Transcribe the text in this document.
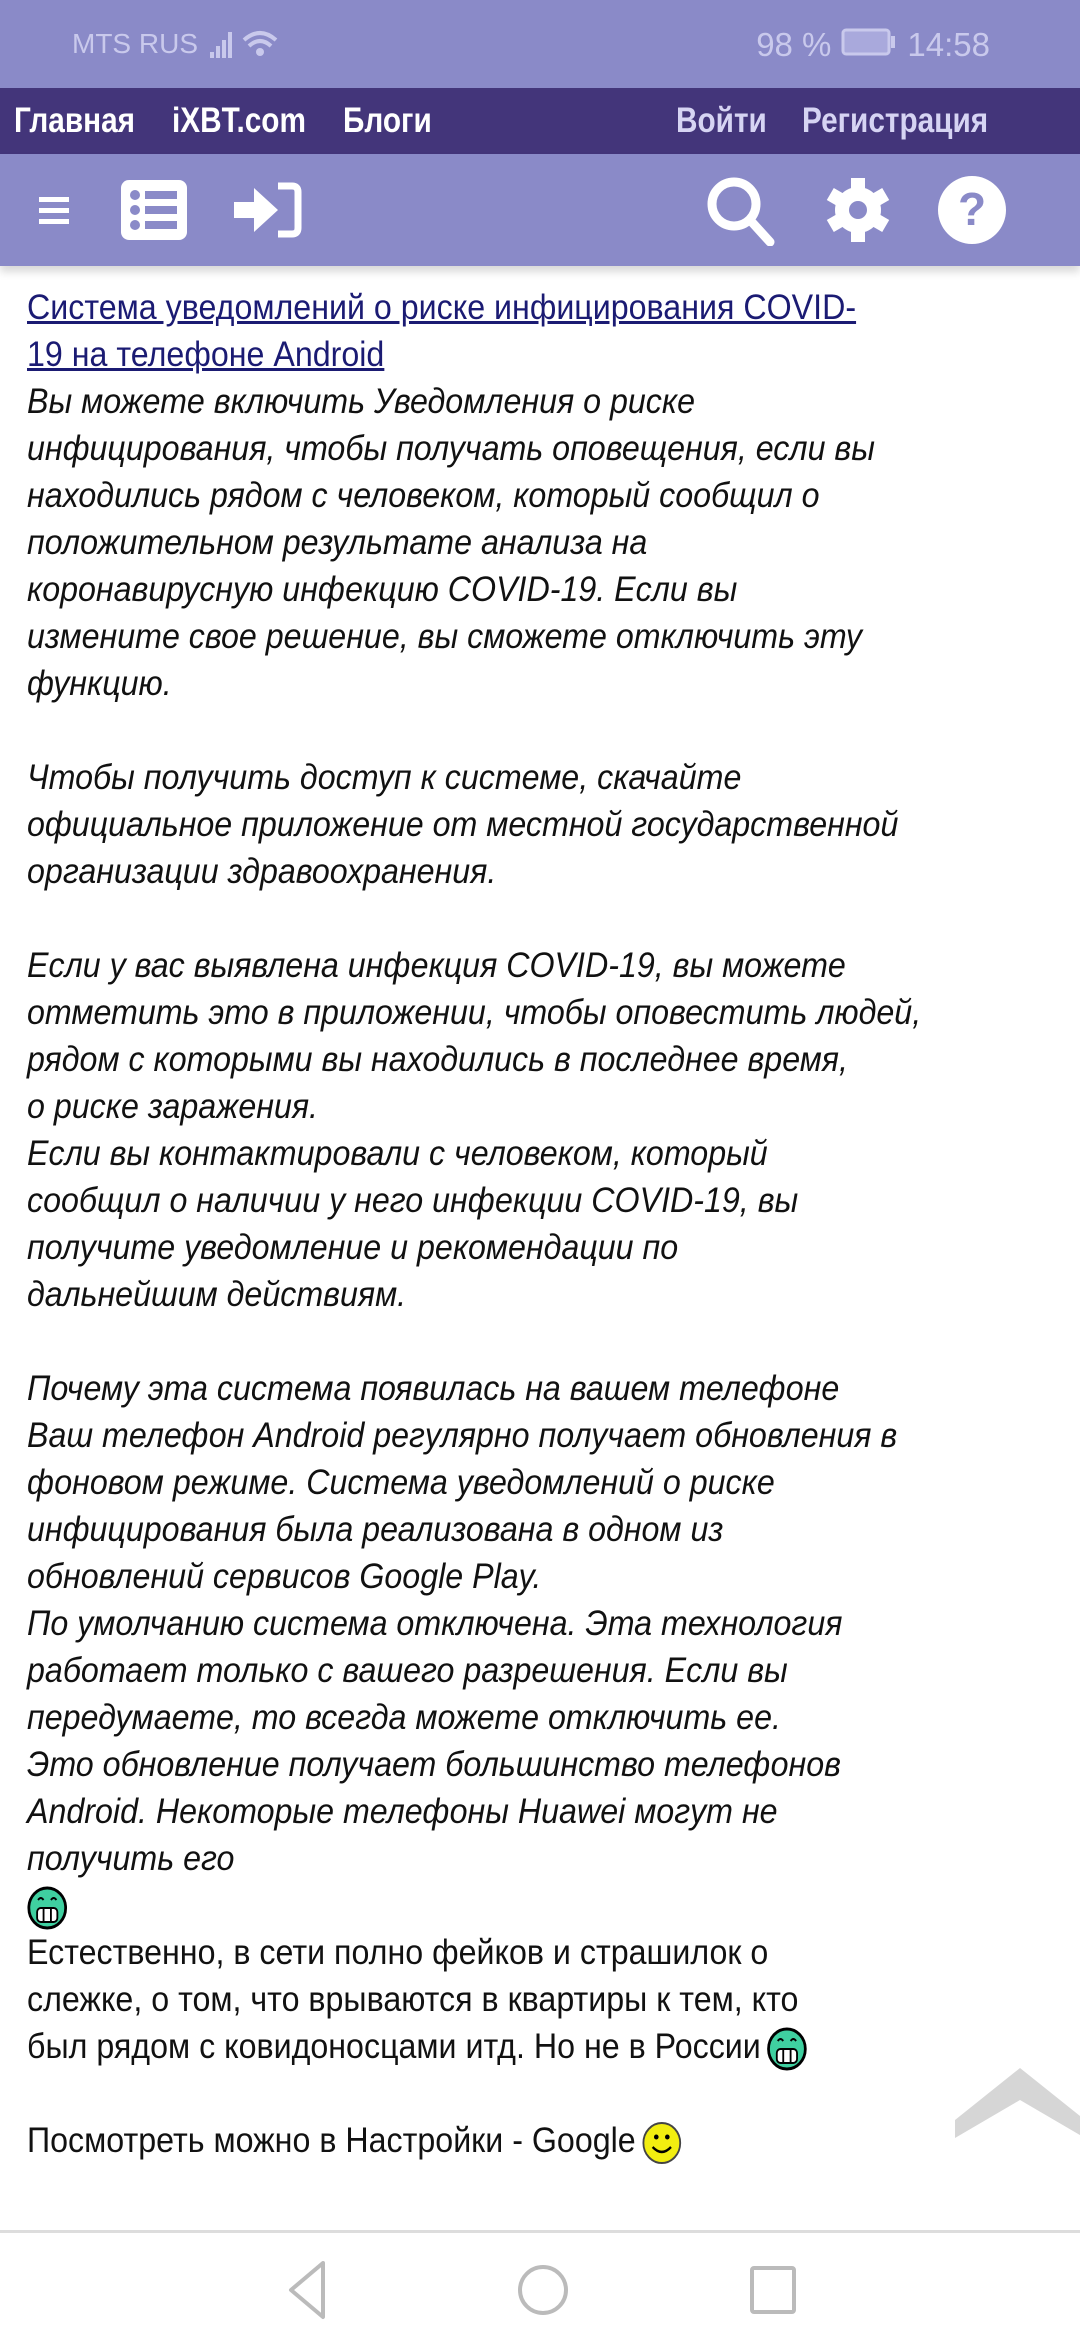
MTS RUS	98 % 14:58
Главная iXBT.com Блоги	Войти Регистрация
?
Система уведомлений о риске инфицирования COVID-
19 на телефоне Android
Вы можете включить Уведомления о риске
инфицирования, чтобы получать оповещения, если вы
находились рядом с человеком, который сообщил о
положительном результате анализа на
коронавирусную инфекцию COVID-19. Если вы
измените свое решение, вы сможете отключить эту
функцию.
Чтобы получить доступ к системе, скачайте
официальное приложение от местной государственной
организации здравоохранения.
Если у вас выявлена инфекция COVID-19, вы можете
отметить это в приложении, чтобы оповестить людей,
рядом с которыми вы находились в последнее время,
о риске заражения.
Если вы контактировали с человеком, который
сообщил о наличии у него инфекции COVID-19, вы
получите уведомление и рекомендации по
дальнейшим действиям.
Почему эта система появилась на вашем телефоне
Ваш телефон Android регулярно получает обновления в
фоновом режиме. Система уведомлений о риске
инфицирования была реализована в одном из
обновлений сервисов Google Play.
По умолчанию система отключена. Эта технология
работает только с вашего разрешения. Если вы
передумаете, то всегда можете отключить ее.
Это обновление получает большинство телефонов
Android. Некоторые телефоны Huawei могут не
получить его
Естественно, в сети полно фейков и страшилок о
слежке, о том, что врываются в квартиры к тем, кто
был рядом с ковидоносцами итд. Но не в России
Посмотреть можно в Настройки - Google
